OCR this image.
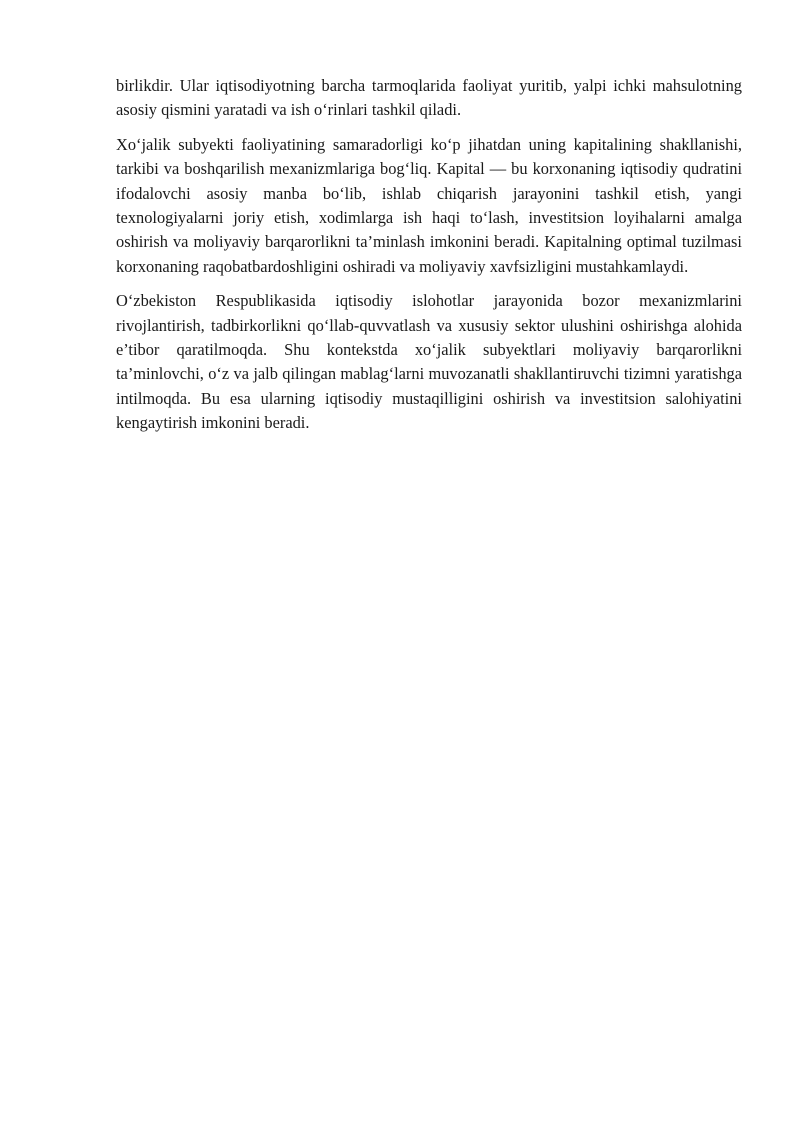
birlikdir. Ular iqtisodiyotning barcha tarmoqlarida faoliyat yuritib, yalpi ichki mahsulotning asosiy qismini yaratadi va ish o‘rinlari tashkil qiladi.

Xo‘jalik subyekti faoliyatining samaradorligi ko‘p jihatdan uning kapitalining shakllanishi, tarkibi va boshqarilish mexanizmlariga bog‘liq. Kapital — bu korxonaning iqtisodiy qudratini ifodalovchi asosiy manba bo‘lib, ishlab chiqarish jarayonini tashkil etish, yangi texnologiyalarni joriy etish, xodimlarga ish haqi to‘lash, investitsion loyihalarni amalga oshirish va moliyaviy barqarorlikni ta’minlash imkonini beradi. Kapitalning optimal tuzilmasi korxonaning raqobatbardoshligini oshiradi va moliyaviy xavfsizligini mustahkamlaydi.

O‘zbekiston Respublikasida iqtisodiy islohotlar jarayonida bozor mexanizmlarini rivojlantirish, tadbirkorlikni qo‘llab-quvvatlash va xususiy sektor ulushini oshirishga alohida e’tibor qaratilmoqda. Shu kontekstda xo‘jalik subyektlari moliyaviy barqarorlikni ta’minlovchi, o‘z va jalb qilingan mablag‘larni muvozanatli shakllantiruvchi tizimni yaratishga intilmoqda. Bu esa ularning iqtisodiy mustaqilligini oshirish va investitsion salohiyatini kengaytirish imkonini beradi.
